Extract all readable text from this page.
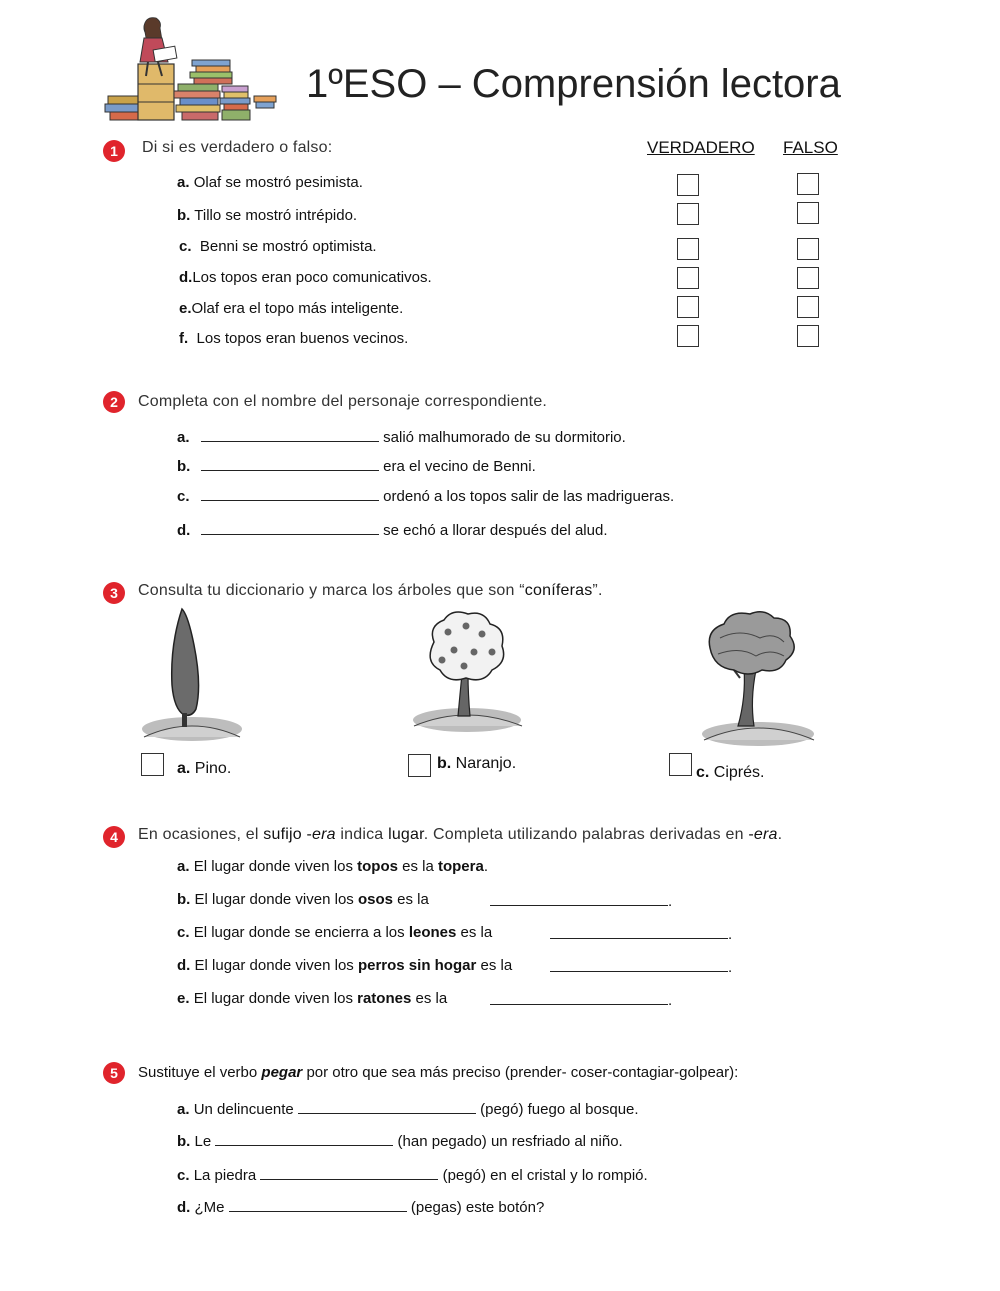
1ºESO – Comprensión lectora
1	Di si es verdadero o falso:	VERDADERO FALSO
a. Olaf se mostró pesimista.
b. Tillo se mostró intrépido.
c. Benni se mostró optimista.
d.Los topos eran poco comunicativos.
e.Olaf era el topo más inteligente.
f. Los topos eran buenos vecinos.
2	Completa con el nombre del personaje correspondiente.
a.	salió malhumorado de su dormitorio.
b.	era el vecino de Benni.
c.	ordenó a los topos salir de las madrigueras.
d.	se echó a llorar después del alud.
3	Consulta tu diccionario y marca los árboles que son “coníferas”.
a. Pino.	b. Naranjo.
c. Ciprés.
4	En ocasiones, el sufijo -era indica lugar. Completa utilizando palabras derivadas en -era.
a. El lugar donde viven los topos es la topera.
b. El lugar donde viven los osos es la	.
c. El lugar donde se encierra a los leones es la	.
d. El lugar donde viven los perros sin hogar es la	.
e. El lugar donde viven los ratones es la	.
5	Sustituye el verbo pegar por otro que sea más preciso (prender- coser-contagiar-golpear):
a. Un delincuente	(pegó) fuego al bosque.
b. Le	(han pegado) un resfriado al niño.
c. La piedra	(pegó) en el cristal y lo rompió.
d. ¿Me	(pegas) este botón?
